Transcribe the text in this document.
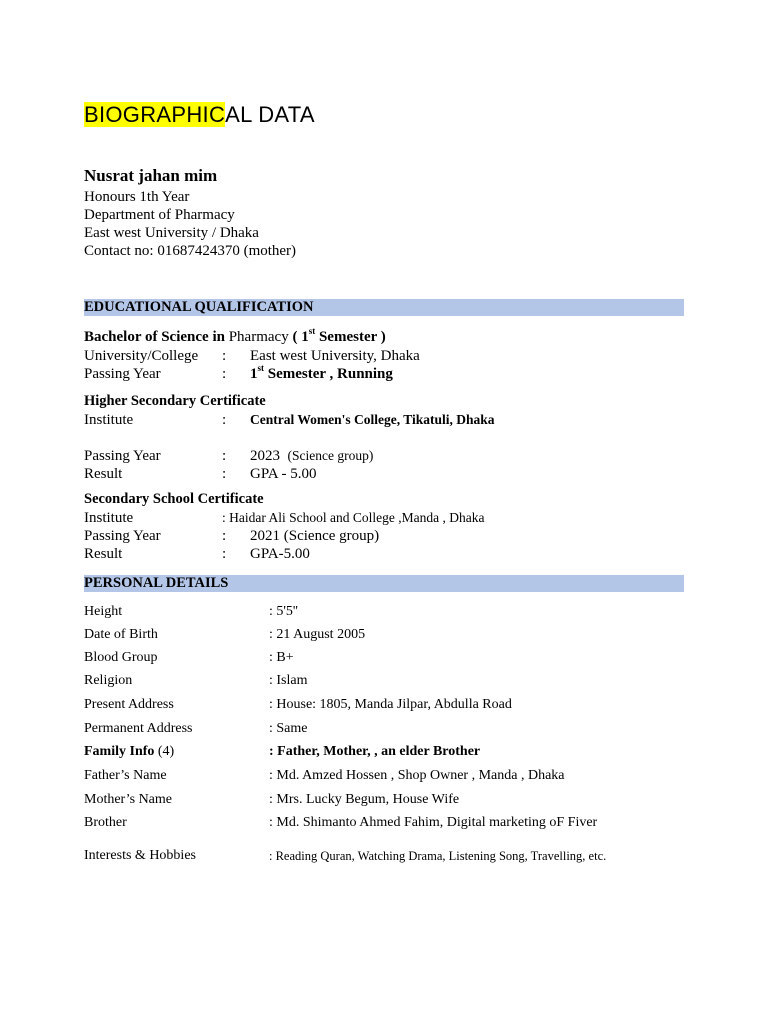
BIOGRAPHICAL DATA
Nusrat jahan mim
Honours 1th Year
Department of Pharmacy
East west University / Dhaka
Contact no: 01687424370 (mother)
EDUCATIONAL QUALIFICATION
Bachelor of Science in Pharmacy ( 1st Semester )
University/College : East west University, Dhaka
Passing Year	: 1st Semester , Running
Higher Secondary Certificate
Institute	: Central Women's College, Tikatuli, Dhaka
Passing Year	: 2023 (Science group)
Result	: GPA - 5.00
Secondary School Certificate
Institute	: Haidar Ali School and College ,Manda , Dhaka
Passing Year	: 2021 (Science group)
Result	: GPA-5.00
PERSONAL DETAILS
Height	: 5'5''
Date of Birth	: 21 August 2005
Blood Group	: B+
Religion	: Islam
Present Address	: House: 1805, Manda Jilpar, Abdulla Road
Permanent Address	: Same
Family Info (4)	: Father, Mother, , an elder Brother
Father’s Name	: Md. Amzed Hossen , Shop Owner , Manda , Dhaka
Mother’s Name	: Mrs. Lucky Begum, House Wife
Brother	: Md. Shimanto Ahmed Fahim, Digital marketing oF Fiver
Interests & Hobbies	: Reading Quran, Watching Drama, Listening Song, Travelling, etc.
